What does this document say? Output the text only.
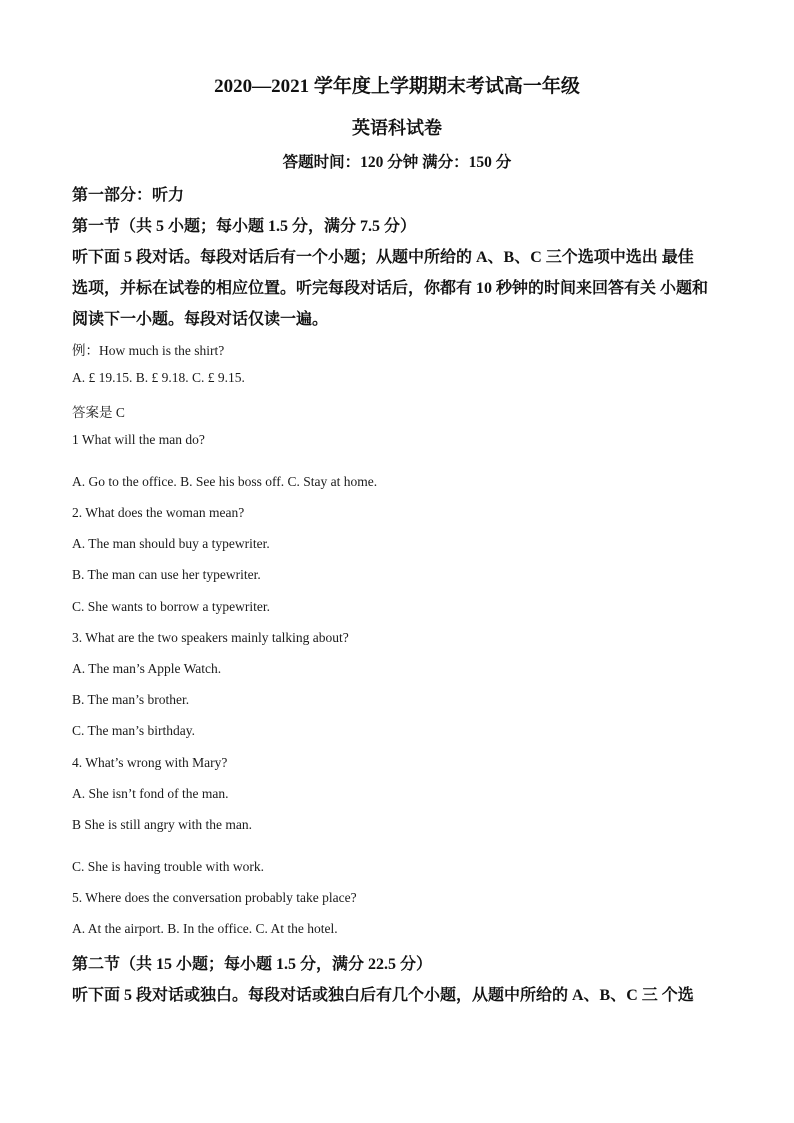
2020—2021 学年度上学期期末考试高一年级
英语科试卷
答题时间：120 分钟 满分：150 分
第一部分：听力
第一节（共 5 小题；每小题 1.5 分，满分 7.5 分）
听下面 5 段对话。每段对话后有一个小题；从题中所给的 A、B、C 三个选项中选出 最佳
选项，并标在试卷的相应位置。听完每段对话后，你都有 10 秒钟的时间来回答有关 小题和
阅读下一小题。每段对话仅读一遍。
例：How much is the shirt?
A. £ 19.15. B. £ 9.18. C. £ 9.15.
答案是 C
1 What will the man do?
A. Go to the office. B. See his boss off. C. Stay at home.
2. What does the woman mean?
A. The man should buy a typewriter.
B. The man can use her typewriter.
C. She wants to borrow a typewriter.
3. What are the two speakers mainly talking about?
A. The man’s Apple Watch.
B. The man’s brother.
C. The man’s birthday.
4. What’s wrong with Mary?
A. She isn’t fond of the man.
B She is still angry with the man.
C. She is having trouble with work.
5. Where does the conversation probably take place?
A. At the airport. B. In the office. C. At the hotel.
第二节（共 15 小题；每小题 1.5 分，满分 22.5 分）
听下面 5 段对话或独白。每段对话或独白后有几个小题，从题中所给的 A、B、C 三 个选
